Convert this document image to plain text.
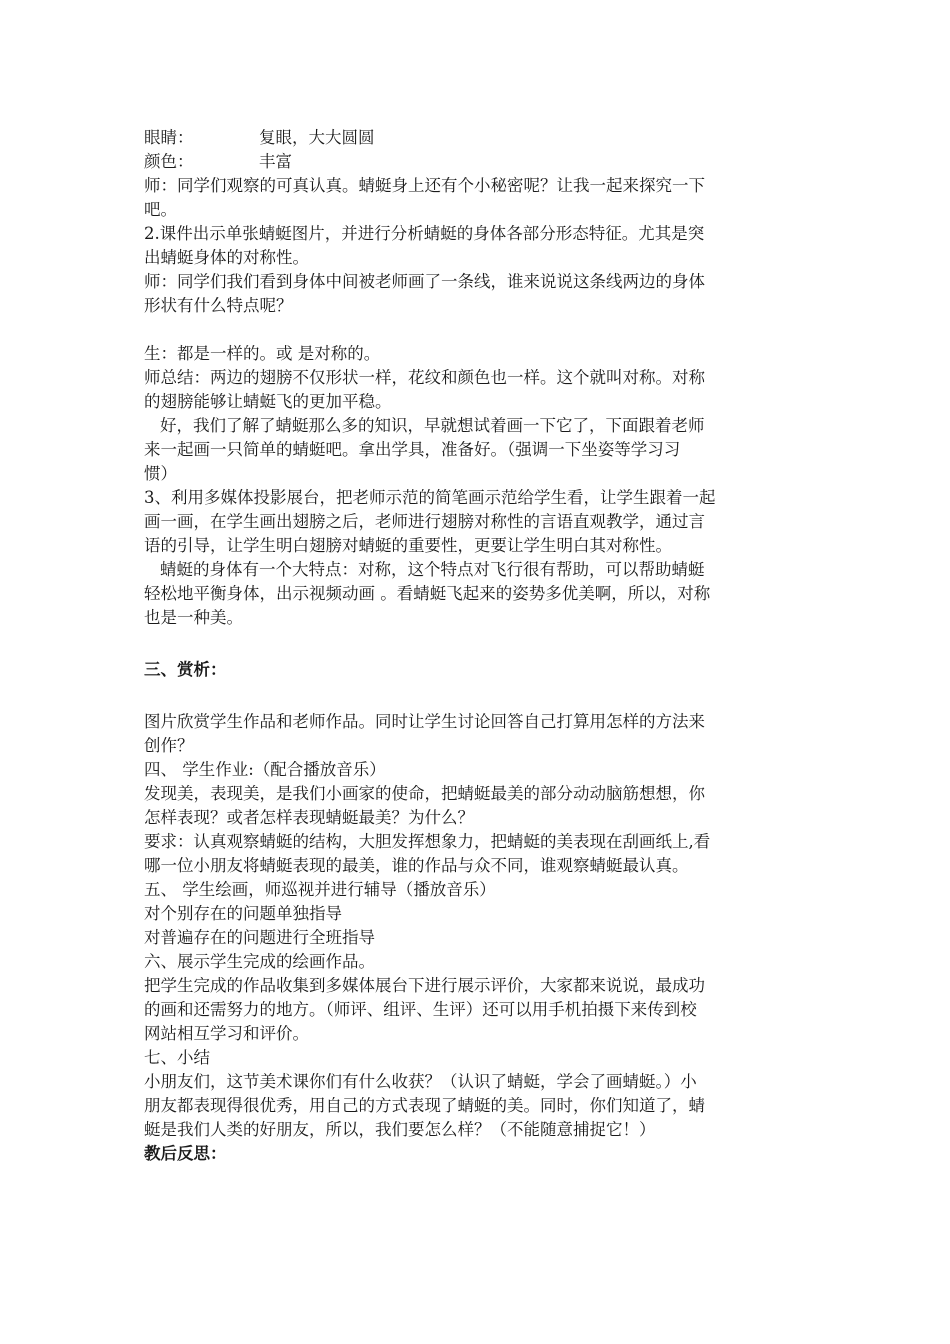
眼睛：	复眼，大大圆圆
颜色：	丰富
师：同学们观察的可真认真。蜻蜓身上还有个小秘密呢？让我一起来探究一下
吧。
2.课件出示单张蜻蜓图片，并进行分析蜻蜓的身体各部分形态特征。尤其是突
出蜻蜓身体的对称性。
师：同学们我们看到身体中间被老师画了一条线，谁来说说这条线两边的身体
形状有什么特点呢？
生：都是一样的。或 是对称的。
师总结：两边的翅膀不仅形状一样，花纹和颜色也一样。这个就叫对称。对称
的翅膀能够让蜻蜓飞的更加平稳。
好，我们了解了蜻蜓那么多的知识，早就想试着画一下它了，下面跟着老师
来一起画一只简单的蜻蜓吧。拿出学具，准备好。（强调一下坐姿等学习习
惯）
3、利用多媒体投影展台，把老师示范的简笔画示范给学生看，让学生跟着一起
画一画，在学生画出翅膀之后，老师进行翅膀对称性的言语直观教学，通过言
语的引导，让学生明白翅膀对蜻蜓的重要性，更要让学生明白其对称性。
蜻蜓的身体有一个大特点：对称，这个特点对飞行很有帮助，可以帮助蜻蜓
轻松地平衡身体，出示视频动画 。看蜻蜓飞起来的姿势多优美啊，所以，对称
也是一种美。
三、赏析：
图片欣赏学生作品和老师作品。同时让学生讨论回答自己打算用怎样的方法来
创作？
四、 学生作业:（配合播放音乐）
发现美，表现美，是我们小画家的使命，把蜻蜓最美的部分动动脑筋想想，你
怎样表现？或者怎样表现蜻蜓最美？为什么？
要求：认真观察蜻蜓的结构，大胆发挥想象力，把蜻蜓的美表现在刮画纸上,看
哪一位小朋友将蜻蜓表现的最美，谁的作品与众不同，谁观察蜻蜓最认真。
五、 学生绘画，师巡视并进行辅导（播放音乐）
对个别存在的问题单独指导
对普遍存在的问题进行全班指导
六、展示学生完成的绘画作品。
把学生完成的作品收集到多媒体展台下进行展示评价，大家都来说说，最成功
的画和还需努力的地方。（师评、组评、生评）还可以用手机拍摄下来传到校
网站相互学习和评价。
七、小结
小朋友们，这节美术课你们有什么收获？（认识了蜻蜓，学会了画蜻蜓。）小
朋友都表现得很优秀，用自己的方式表现了蜻蜓的美。同时，你们知道了，蜻
蜓是我们人类的好朋友，所以，我们要怎么样？（不能随意捕捉它！）
教后反思：
